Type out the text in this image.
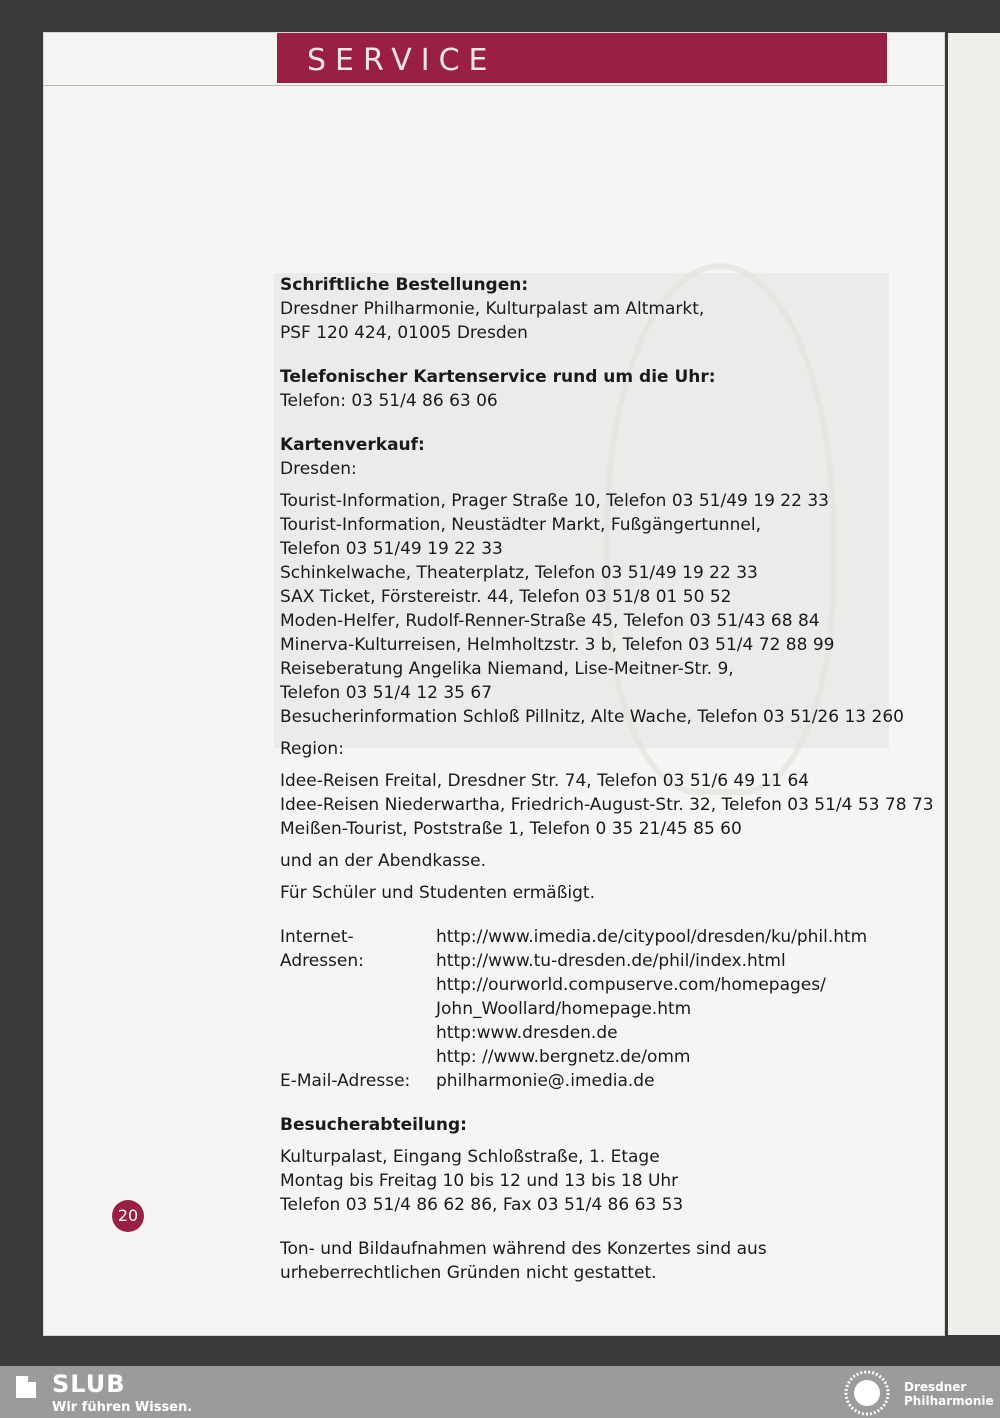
SERVICE

Schriftliche Bestellungen:

Dresdner Philharmonie, Kulturpalast am Altmarkt,

PSF 120 424, 01005 Dresden

Telefonischer Kartenservice rund um die Uhr:

Telefon: 03 51/4 86 63 06

Kartenverkauf:

Dresden:

Tourist-Information, Prager Straße 10, Telefon 03 51/49 19 22 33

Tourist-Information, Neustädter Markt, Fußgängertunnel,

Telefon 03 51/49 19 22 33

Schinkelwache, Theaterplatz, Telefon 03 51/49 19 22 33

SAX Ticket, Förstereistr. 44, Telefon 03 51/8 01 50 52

Moden-Helfer, Rudolf-Renner-Straße 45, Telefon 03 51/43 68 84

Minerva-Kulturreisen, Helmholtzstr. 3 b, Telefon 03 51/4 72 88 99

Reiseberatung Angelika Niemand, Lise-Meitner-Str. 9,

Telefon 03 51/4 12 35 67

Besucherinformation Schloß Pillnitz, Alte Wache, Telefon 03 51/26 13 260

Region:

Idee-Reisen Freital, Dresdner Str. 74, Telefon 03 51/6 49 11 64

Idee-Reisen Niederwartha, Friedrich-August-Str. 32, Telefon 03 51/4 53 78 73

Meißen-Tourist, Poststraße 1, Telefon 0 35 21/45 85 60

und an der Abendkasse.

Für Schüler und Studenten ermäßigt.

Internet-Adressen:

http://www.imedia.de/citypool/dresden/ku/phil.htm

http://www.tu-dresden.de/phil/index.html

http://ourworld.compuserve.com/homepages/

John_Woollard/homepage.htm

http:www.dresden.de

http: //www.bergnetz.de/omm

E-Mail-Adresse:	philharmonie@.imedia.de

Besucherabteilung:

Kulturpalast, Eingang Schloßstraße, 1. Etage

Montag bis Freitag 10 bis 12 und 13 bis 18 Uhr

Telefon 03 51/4 86 62 86, Fax 03 51/4 86 63 53

Ton- und Bildaufnahmen während des Konzertes sind aus urheberrechtlichen Gründen nicht gestattet.

20
SLUB
Wir führen Wissen.
Dresdner
Philharmonie
